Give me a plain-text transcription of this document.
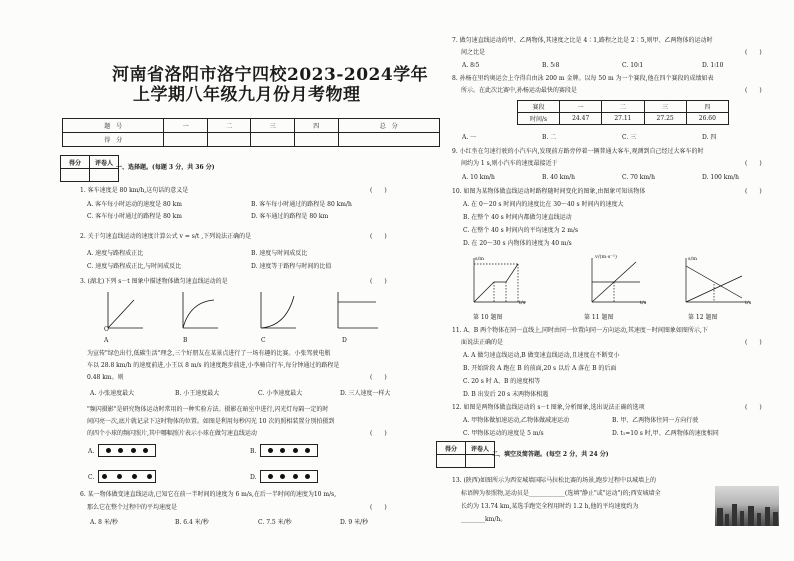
河南省洛阳市洛宁四校2023-2024学年
上学期八年级九月份月考物理
题　号	一	二	三	四	总　分
得　分					
得分	评卷人

一、选择题。(每题 3 分，共 36 分)
1. 客车速度是 80 km/h,这句话的意义是	(　　)
A. 客车每小时运动的速度是 80 km	B. 客车每小时通过的路程是 80 km/h
C. 客车每小时通过的路程是 80 km	D. 客车通过的路程是 80 km
2. 关于匀速直线运动的速度计算公式 v = s/t ,下列说法正确的是	(　　)
A. 速度与路程成正比	B. 速度与时间成反比
C. 速度与路程成正比,与时间成反比	D. 速度等于路程与时间的比值
3. (湖北)下列 s－t 图象中描述物体做匀速直线运动的是	(　　)
O
A	B	C	D
为宣传"绿色出行,低碳生活"理念,三个好朋友在某景点进行了一场有趣的比赛。小张驾驶电瓶
车以 28.8 km/h 的速度前进,小王以 8 m/s 的速度跑步前进,小李骑自行车,每分钟通过的路程是
0.48 km。则	(　　)
A. 小张速度最大	B. 小王速度最大	C. 小李速度最大	D. 三人速度一样大
"频闪摄影"是研究物体运动时常用的一种实验方法。摄影在暗室中进行,闪光灯每隔一定的时
间闪亮一次,底片就记录下这时物体的位置。如图是利用每秒闪光 10 次的照相装置分别拍摄到
的四个小球的频闪照片,其中哪幅照片表示小球在做匀速直线运动	(　　)
A.	B.
C.	D.
6. 某一物体做变速直线运动,已知它在前一半时间的速度为 6 m/s,在后一半时间的速度为10 m/s,
那么它在整个过程中的平均速度是	(　　)
A. 8 米/秒	B. 6.4 米/秒	C. 7.5 米/秒	D. 9 米/秒
7. 做匀速直线运动的甲、乙两物体,其速度之比是 4∶1,路程之比是 2∶5,则甲、乙两物体的运动时
间之比是	(　　)
A. 8∶5	B. 5∶8	C. 10∶1	D. 1∶10
8. 孙杨在里约奥运会上夺得自由泳 200 m 金牌。以每 50 m 为一个赛段,他在四个赛段的成绩如表
所示。在此次比赛中,孙杨运动最快的赛段是	(　　)
赛段	一	二	三	四
时间/s	24.47	27.11	27.25	26.60
A. 一	B. 二	C. 三	D. 四
9. 小红坐在匀速行驶的小汽车内,发现前方路旁停着一辆普通大客车,观测到自己经过大客车的时
间约为 1 s,则小汽车的速度最接近于	(　　)
A. 10 km/h	B. 40 km/h	C. 70 km/h	D. 100 km/h
10. 如图为某物体做直线运动时路程随时间变化的图象,由图象可知该物体	(　　)
A. 在 0～20 s 时间内的速度比在 30～40 s 时间内的速度大
B. 在整个 40 s 时间内都做匀速直线运动
C. 在整个 40 s 时间内的平均速度为 2 m/s
D. 在 20～30 s 内物体的速度为 40 m/s
s/m
t/s
v/(m·s⁻¹)
t/s
s/m
t/s
第 10 题图	第 11 题图	第 12 题图
11. A、B 两个物体在同一直线上,同时由同一位置向同一方向运动,其速度－时间图象如图所示,下
面说法正确的是	(　　)
A. A 做匀速直线运动,B 做变速直线运动,且速度在不断变小
B. 开始阶段 A 跑在 B 的前面,20 s 以后 A 落在 B 的后面
C. 20 s 时 A、B 的速度相等
D. B 出发后 20 s 末两物体相遇
12. 如图是两物体做直线运动的 s－t 图象,分析图象,选出说法正确的选项	(　　)
A. 甲物体做加速运动,乙物体做减速运动	B. 甲、乙两物体往同一方向行驶
C. 甲物体运动的速度是 5 m/s	D. t₁=10 s 时,甲、乙两物体的速度相同
得分	评卷人

二、填空及简答题。(每空 2 分，共 24 分)
13. (陕西)如图所示为西安城墙国际马拉松比赛的场景,跑步过程中以城墙上的
标语牌为参照物,运动员是____________(选填"静止"或"运动")的;西安城墙全
长约为 13.74 km,某选手跑完全程用时约 1.2 h,他的平均速度约为
________km/h。
